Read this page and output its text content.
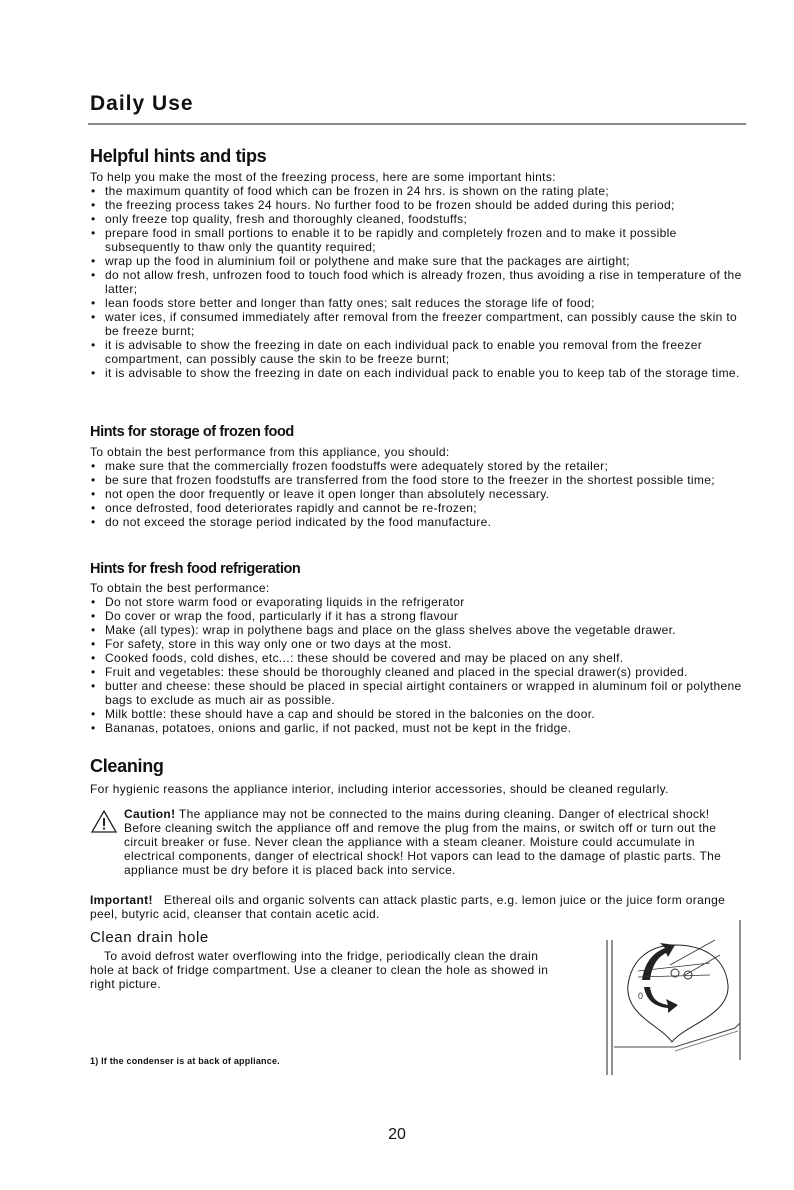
Daily Use
Helpful hints and tips
To help you make the most of the freezing process, here are some important hints:
• the maximum quantity of food which can be frozen in 24 hrs. is shown on the rating plate;
• the freezing process takes 24 hours. No further food to be frozen should be added during this period;
• only freeze top quality, fresh and thoroughly cleaned, foodstuffs;
• prepare food in small portions to enable it to be rapidly and completely frozen and to make it possible subsequently to thaw only the quantity required;
• wrap up the food in aluminium foil or polythene and make sure that the packages are airtight;
• do not allow fresh, unfrozen food to touch food which is already frozen, thus avoiding a rise in temperature of the latter;
• lean foods store better and longer than fatty ones; salt reduces the storage life of food;
• water ices, if consumed immediately after removal from the freezer compartment, can possibly cause the skin to be freeze burnt;
• it is advisable to show the freezing in date on each individual pack to enable you removal from the freezer compartment, can possibly cause the skin to be freeze burnt;
• it is advisable to show the freezing in date on each individual pack to enable you to keep tab of the storage time.
Hints for storage of frozen food
To obtain the best performance from this appliance, you should:
• make sure that the commercially frozen foodstuffs were adequately stored by the retailer;
• be sure that frozen foodstuffs are transferred from the food store to the freezer in the shortest possible time;
• not open the door frequently or leave it open longer than absolutely necessary.
• once defrosted, food deteriorates rapidly and cannot be re-frozen;
• do not exceed the storage period indicated by the food manufacture.
Hints for fresh food refrigeration
To obtain the best performance:
• Do not store warm food or evaporating liquids in the refrigerator
• Do cover or wrap the food, particularly if it has a strong flavour
• Make (all types): wrap in polythene bags and place on the glass shelves above the vegetable drawer.
• For safety, store in this way only one or two days at the most.
• Cooked foods, cold dishes, etc...: these should be covered and may be placed on any shelf.
• Fruit and vegetables: these should be thoroughly cleaned and placed in the special drawer(s) provided.
• butter and cheese: these should be placed in special airtight containers or wrapped in aluminum foil or polythene bags to exclude as much air as possible.
• Milk bottle: these should have a cap and should be stored in the balconies on the door.
• Bananas, potatoes, onions and garlic, if not packed, must not be kept in the fridge.
Cleaning
For hygienic reasons the appliance interior, including interior accessories, should be cleaned regularly.
Caution! The appliance may not be connected to the mains during cleaning. Danger of electrical shock! Before cleaning switch the appliance off and remove the plug from the mains, or switch off or turn out the circuit breaker or fuse. Never clean the appliance with a steam cleaner. Moisture could accumulate in electrical components, danger of electrical shock! Hot vapors can lead to the damage of plastic parts. The appliance must be dry before it is placed back into service.
Important!   Ethereal oils and organic solvents can attack plastic parts, e.g. lemon juice or the juice form orange peel, butyric acid, cleanser that contain acetic acid.
Clean drain hole
To avoid defrost water overflowing into the fridge, periodically clean the drain hole at back of fridge compartment. Use a cleaner to clean the hole as showed in right picture.
0
1) If the condenser is at back of appliance.
20
